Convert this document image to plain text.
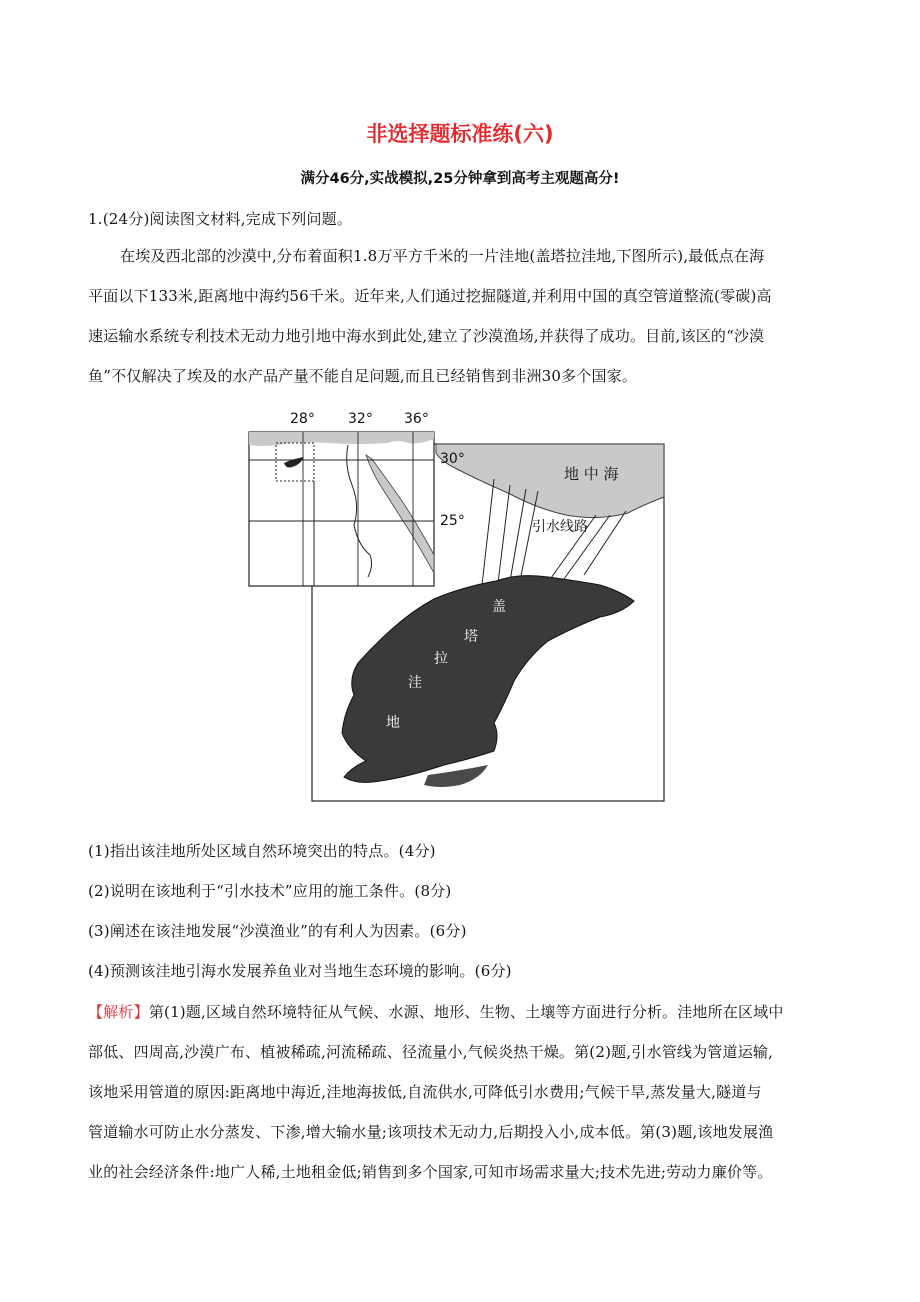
非选择题标准练(六)
满分46分,实战模拟,25分钟拿到高考主观题高分!
1.(24分)阅读图文材料,完成下列问题。
在埃及西北部的沙漠中,分布着面积1.8万平方千米的一片洼地(盖塔拉洼地,下图所示),最低点在海
平面以下133米,距离地中海约56千米。近年来,人们通过挖掘隧道,并利用中国的真空管道整流(零碳)高
速运输水系统专利技术无动力地引地中海水到此处,建立了沙漠渔场,并获得了成功。目前,该区的“沙漠
鱼”不仅解决了埃及的水产品产量不能自足问题,而且已经销售到非洲30多个国家。
地 中 海
引水线路
盖
塔
拉
洼
地
28° 32° 36°
30°
25°
(1)指出该洼地所处区域自然环境突出的特点。(4分)
(2)说明在该地利于“引水技术”应用的施工条件。(8分)
(3)阐述在该洼地发展“沙漠渔业”的有利人为因素。(6分)
(4)预测该洼地引海水发展养鱼业对当地生态环境的影响。(6分)
【解析】第(1)题,区域自然环境特征从气候、水源、地形、生物、土壤等方面进行分析。洼地所在区域中
部低、四周高,沙漠广布、植被稀疏,河流稀疏、径流量小,气候炎热干燥。第(2)题,引水管线为管道运输,
该地采用管道的原因:距离地中海近,洼地海拔低,自流供水,可降低引水费用;气候干旱,蒸发量大,隧道与
管道输水可防止水分蒸发、下渗,增大输水量;该项技术无动力,后期投入小,成本低。第(3)题,该地发展渔
业的社会经济条件:地广人稀,土地租金低;销售到多个国家,可知市场需求量大;技术先进;劳动力廉价等。
